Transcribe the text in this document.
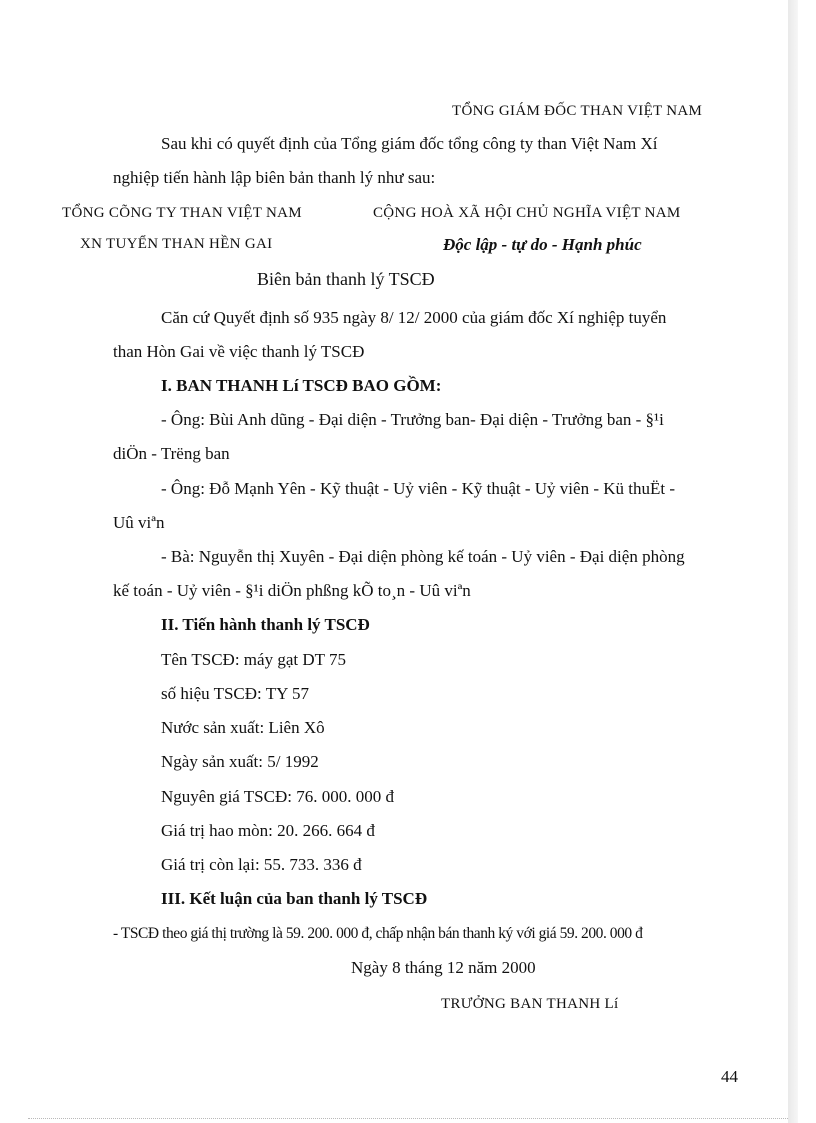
TỔNG GIÁM ĐỐC THAN VIỆT NAM
Sau khi có quyết định của Tổng giám đốc tổng công ty than Việt Nam Xí
nghiệp tiến hành lập biên bản thanh lý như sau:
TỔNG CÕNG TY THAN VIỆT NAM	CỘNG HOÀ XÃ HỘI CHỦ NGHĨA VIỆT NAM
XN TUYỂN THAN HỀN GAI	Độc lập - tự do - Hạnh phúc
Biên bản thanh lý TSCĐ
Căn cứ Quyết định số 935 ngày 8/ 12/ 2000 của giám đốc Xí nghiệp tuyển
than Hòn Gai về việc thanh lý TSCĐ
I. BAN THANH Lí TSCĐ BAO GỒM:
- Ông: Bùi Anh dũng - Đại diện - Trưởng ban- Đại diện - Trưởng ban - §¹i
diÖn - Trëng ban
- Ông: Đỗ Mạnh Yên - Kỹ thuật - Uỷ viên - Kỹ thuật - Uỷ viên - Kü thuËt -
Uû viªn
- Bà: Nguyễn thị Xuyên - Đại diện phòng kế toán - Uỷ viên - Đại diện phòng
kế toán - Uỷ viên - §¹i diÖn phßng kÕ to¸n - Uû viªn
II. Tiến hành thanh lý TSCĐ
Tên TSCĐ: máy gạt DT 75
số hiệu TSCĐ: TY 57
Nước sản xuất: Liên Xô
Ngày sản xuất: 5/ 1992
Nguyên giá TSCĐ: 76. 000. 000 đ
Giá trị hao mòn: 20. 266. 664 đ
Giá trị còn lại: 55. 733. 336 đ
III. Kết luận của ban thanh lý TSCĐ
- TSCĐ theo giá thị trường là 59. 200. 000 đ, chấp nhận bán thanh ký với giá 59. 200. 000 đ
Ngày 8 tháng 12 năm 2000
TRƯỞNG BAN THANH Lí
44
